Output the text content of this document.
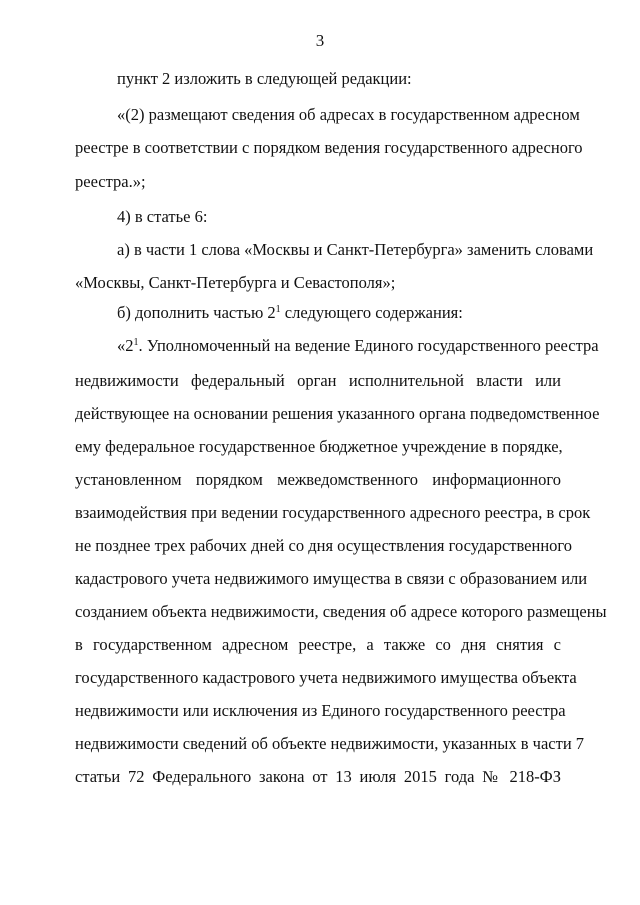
3
пункт 2 изложить в следующей редакции:
«(2) размещают сведения об адресах в государственном адресном
реестре в соответствии с порядком ведения государственного адресного
реестра.»;
4) в статье 6:
а) в части 1 слова «Москвы и Санкт-Петербурга» заменить словами
«Москвы, Санкт-Петербурга и Севастополя»;
б) дополнить частью $2^1$ следующего содержания:
«$2^1$. Уполномоченный на ведение Единого государственного реестра
недвижимости федеральный орган исполнительной власти или
действующее на основании решения указанного органа подведомственное
ему федеральное государственное бюджетное учреждение в порядке,
установленном порядком межведомственного информационного
взаимодействия при ведении государственного адресного реестра, в срок
не позднее трех рабочих дней со дня осуществления государственного
кадастрового учета недвижимого имущества в связи с образованием или
созданием объекта недвижимости, сведения об адресе которого размещены
в государственном адресном реестре, а также со дня снятия с
государственного кадастрового учета недвижимого имущества объекта
недвижимости или исключения из Единого государственного реестра
недвижимости сведений об объекте недвижимости, указанных в части 7
статьи 72 Федерального закона от 13 июля 2015 года № 218-ФЗ
